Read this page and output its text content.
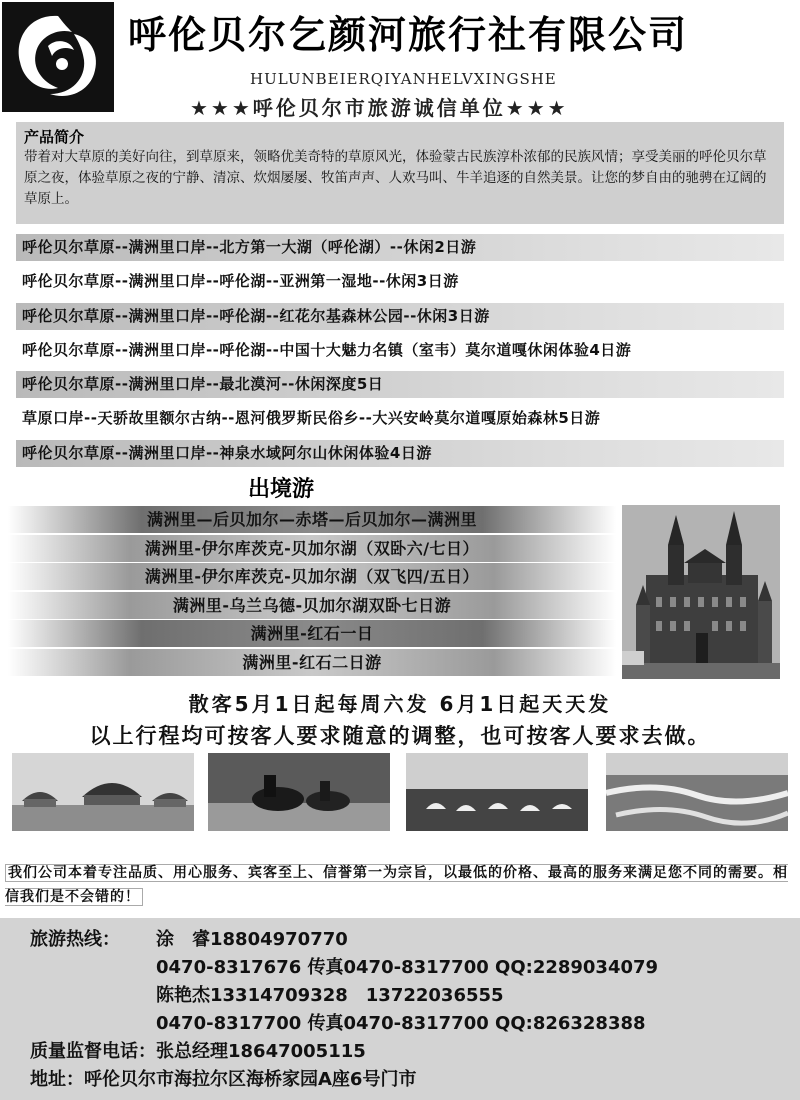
呼伦贝尔乞颜河旅行社有限公司
HULUNBEIERQIYANHELVXINGSHE
★★★呼伦贝尔市旅游诚信单位★★★
产品简介
带着对大草原的美好向往，到草原来，领略优美奇特的草原风光，体验蒙古民族淳朴浓郁的民族风情；享受美丽的呼伦贝尔草原之夜，体验草原之夜的宁静、清凉、炊烟屡屡、牧笛声声、人欢马叫、牛羊追逐的自然美景。让您的梦自由的驰骋在辽阔的草原上。
呼伦贝尔草原--满洲里口岸--北方第一大湖（呼伦湖）--休闲2日游
呼伦贝尔草原--满洲里口岸--呼伦湖--亚洲第一湿地--休闲3日游
呼伦贝尔草原--满洲里口岸--呼伦湖--红花尔基森林公园--休闲3日游
呼伦贝尔草原--满洲里口岸--呼伦湖--中国十大魅力名镇（室韦）莫尔道嘎休闲体验4日游
呼伦贝尔草原--满洲里口岸--最北漠河--休闲深度5日
草原口岸--天骄故里额尔古纳--恩河俄罗斯民俗乡--大兴安岭莫尔道嘎原始森林5日游
呼伦贝尔草原--满洲里口岸--神泉水域阿尔山休闲体验4日游
出境游
满洲里—后贝加尔—赤塔—后贝加尔—满洲里
满洲里-伊尔库茨克-贝加尔湖（双卧六/七日）
满洲里-伊尔库茨克-贝加尔湖（双飞四/五日）
满洲里-乌兰乌德-贝加尔湖双卧七日游
满洲里-红石一日
满洲里-红石二日游
散客5月1日起每周六发 6月1日起天天发
以上行程均可按客人要求随意的调整，也可按客人要求去做。
我们公司本着专注品质、用心服务、宾客至上、信誉第一为宗旨，以最低的价格、最高的服务来满足您不同的需要。相信我们是不会错的！
旅游热线： 涂　睿18804970770
0470-8317676 传真0470-8317700 QQ:2289034079
陈艳杰13314709328　13722036555
0470-8317700 传真0470-8317700 QQ:826328388
质量监督电话：张总经理18647005115
地址：呼伦贝尔市海拉尔区海桥家园A座6号门市
